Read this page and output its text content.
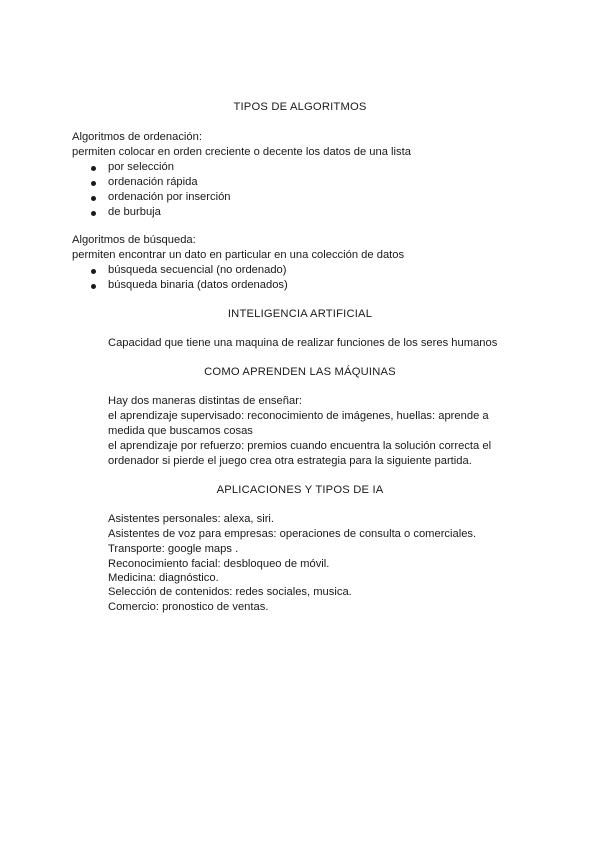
TIPOS DE ALGORITMOS
Algoritmos de ordenación:
permiten colocar en orden creciente o decente los datos de una lista
por selección
ordenación rápida
ordenación por inserción
de burbuja
Algoritmos de búsqueda:
permiten encontrar un dato en particular en una colección de datos
búsqueda secuencial (no ordenado)
búsqueda binaria (datos ordenados)
INTELIGENCIA ARTIFICIAL
Capacidad que tiene una maquina de realizar funciones de los seres humanos
COMO APRENDEN LAS MÁQUINAS
Hay dos maneras distintas de enseñar:
el aprendizaje supervisado: reconocimiento de imágenes, huellas: aprende a
medida que buscamos cosas
el aprendizaje por refuerzo: premios cuando encuentra la solución correcta el
ordenador si pierde el juego crea otra estrategia para la siguiente partida.
APLICACIONES Y TIPOS DE IA
Asistentes personales: alexa, siri.
Asistentes de voz para empresas: operaciones de consulta o comerciales.
Transporte: google maps .
Reconocimiento facial: desbloqueo de móvil.
Medicina: diagnóstico.
Selección de contenidos: redes sociales, musica.
Comercio: pronostico de ventas.
